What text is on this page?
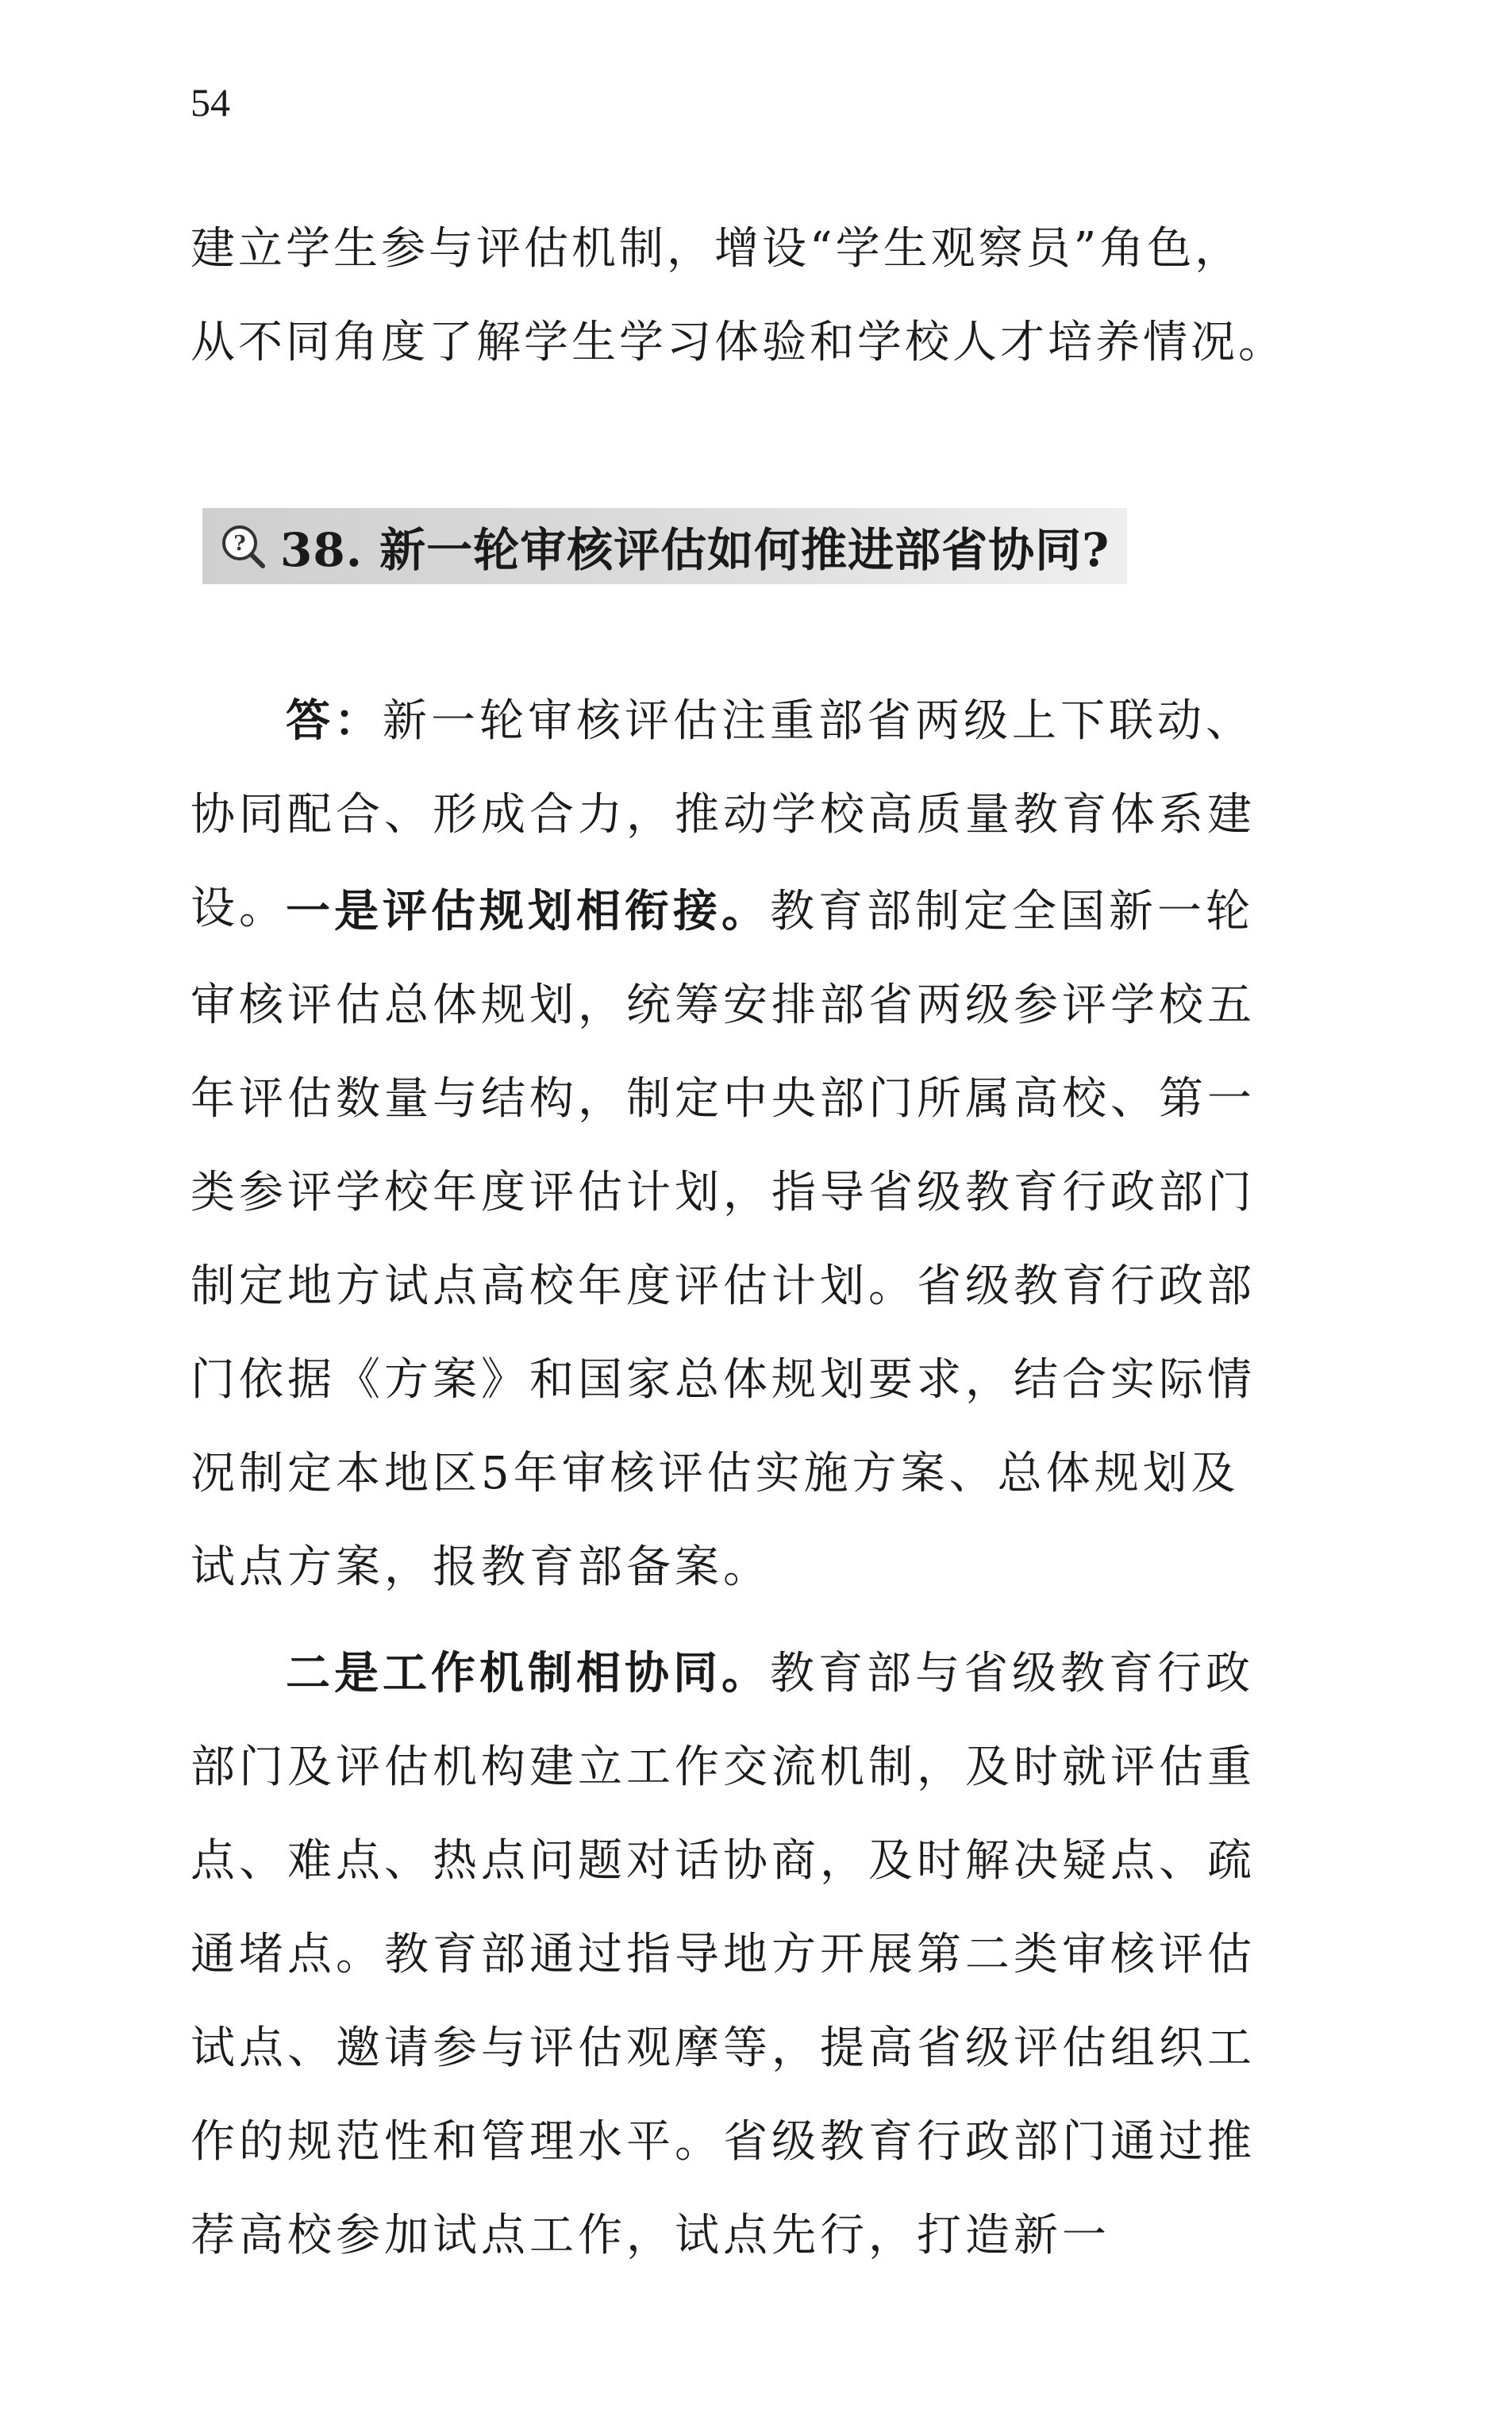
54

建立学生参与评估机制，增设“学生观察员”角色，从不同角度了解学生学习体验和学校人才培养情况。

? 38. 新一轮审核评估如何推进部省协同?

答：新一轮审核评估注重部省两级上下联动、协同配合、形成合力，推动学校高质量教育体系建设。

一是评估规划相衔接。教育部制定全国新一轮审核评估总体规划，统筹安排部省两级参评学校五年评估数量与结构，制定中央部门所属高校、第一类参评学校年度评估计划，指导省级教育行政部门制定地方试点高校年度评估计划。省级教育行政部门依据《方案》和国家总体规划要求，结合实际情况制定本地区5年审核评估实施方案、总体规划及试点方案，报教育部备案。

二是工作机制相协同。教育部与省级教育行政部门及评估机构建立工作交流机制，及时就评估重点、难点、热点问题对话协商，及时解决疑点、疏通堵点。教育部通过指导地方开展第二类审核评估试点、邀请参与评估观摩等，提高省级评估组织工作的规范性和管理水平。省级教育行政部门通过推荐高校参加试点工作，试点先行，打造新一
